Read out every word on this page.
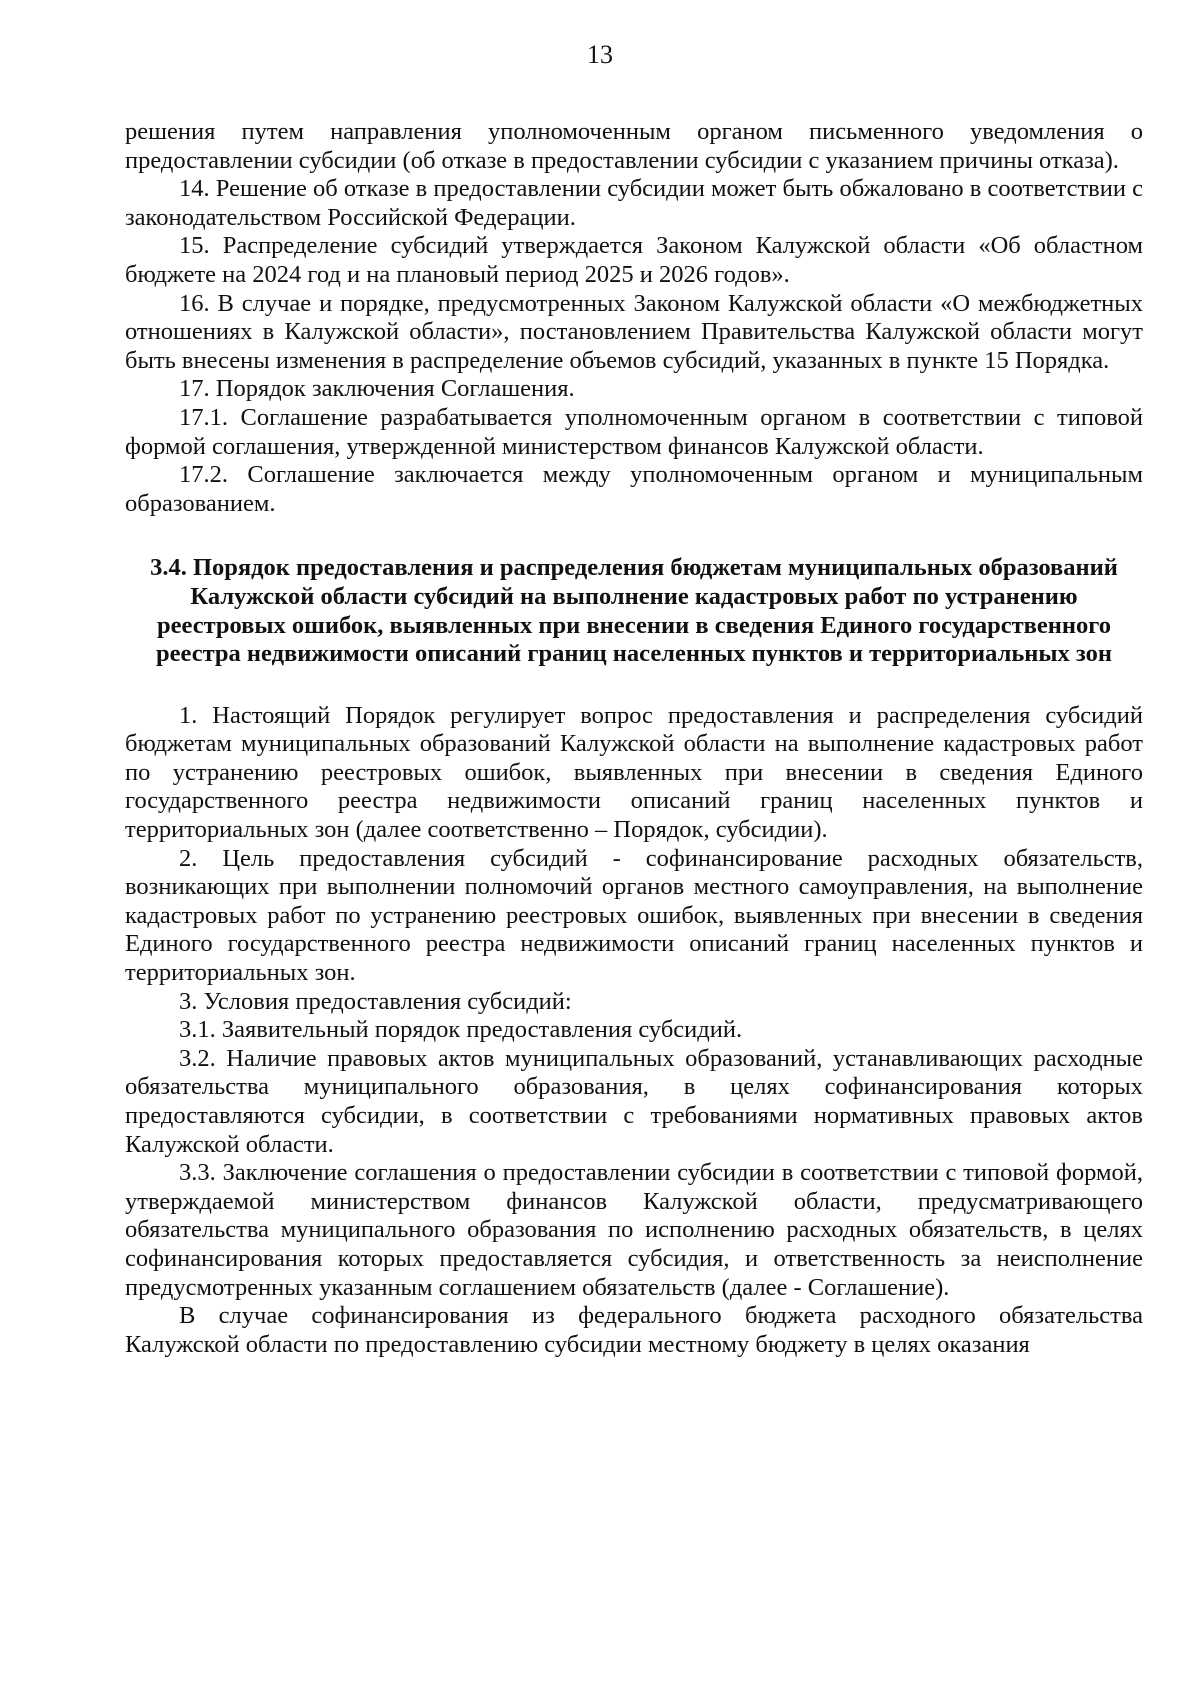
13

решения путем направления уполномоченным органом письменного уведомления о предоставлении субсидии (об отказе в предоставлении субсидии с указанием причины отказа).

14. Решение об отказе в предоставлении субсидии может быть обжаловано в соответствии с законодательством Российской Федерации.

15. Распределение субсидий утверждается Законом Калужской области «Об областном бюджете на 2024 год и на плановый период 2025 и 2026 годов».

16. В случае и порядке, предусмотренных Законом Калужской области «О межбюджетных отношениях в Калужской области», постановлением Правительства Калужской области могут быть внесены изменения в распределение объемов субсидий, указанных в пункте 15 Порядка.

17. Порядок заключения Соглашения.

17.1. Соглашение разрабатывается уполномоченным органом в соответствии с типовой формой соглашения, утвержденной министерством финансов Калужской области.

17.2. Соглашение заключается между уполномоченным органом и муниципальным образованием.

3.4. Порядок предоставления и распределения бюджетам муниципальных образований Калужской области субсидий на выполнение кадастровых работ по устранению реестровых ошибок, выявленных при внесении в сведения Единого государственного реестра недвижимости описаний границ населенных пунктов и территориальных зон

1. Настоящий Порядок регулирует вопрос предоставления и распределения субсидий бюджетам муниципальных образований Калужской области на выполнение кадастровых работ по устранению реестровых ошибок, выявленных при внесении в сведения Единого государственного реестра недвижимости описаний границ населенных пунктов и территориальных зон (далее соответственно – Порядок, субсидии).

2. Цель предоставления субсидий - софинансирование расходных обязательств, возникающих при выполнении полномочий органов местного самоуправления, на выполнение кадастровых работ по устранению реестровых ошибок, выявленных при внесении в сведения Единого государственного реестра недвижимости описаний границ населенных пунктов и территориальных зон.

3. Условия предоставления субсидий:

3.1. Заявительный порядок предоставления субсидий.

3.2. Наличие правовых актов муниципальных образований, устанавливающих расходные обязательства муниципального образования, в целях софинансирования которых предоставляются субсидии, в соответствии с требованиями нормативных правовых актов Калужской области.

3.3. Заключение соглашения о предоставлении субсидии в соответствии с типовой формой, утверждаемой министерством финансов Калужской области, предусматривающего обязательства муниципального образования по исполнению расходных обязательств, в целях софинансирования которых предоставляется субсидия, и ответственность за неисполнение предусмотренных указанным соглашением обязательств (далее - Соглашение).

В случае софинансирования из федерального бюджета расходного обязательства Калужской области по предоставлению субсидии местному бюджету в целях оказания
